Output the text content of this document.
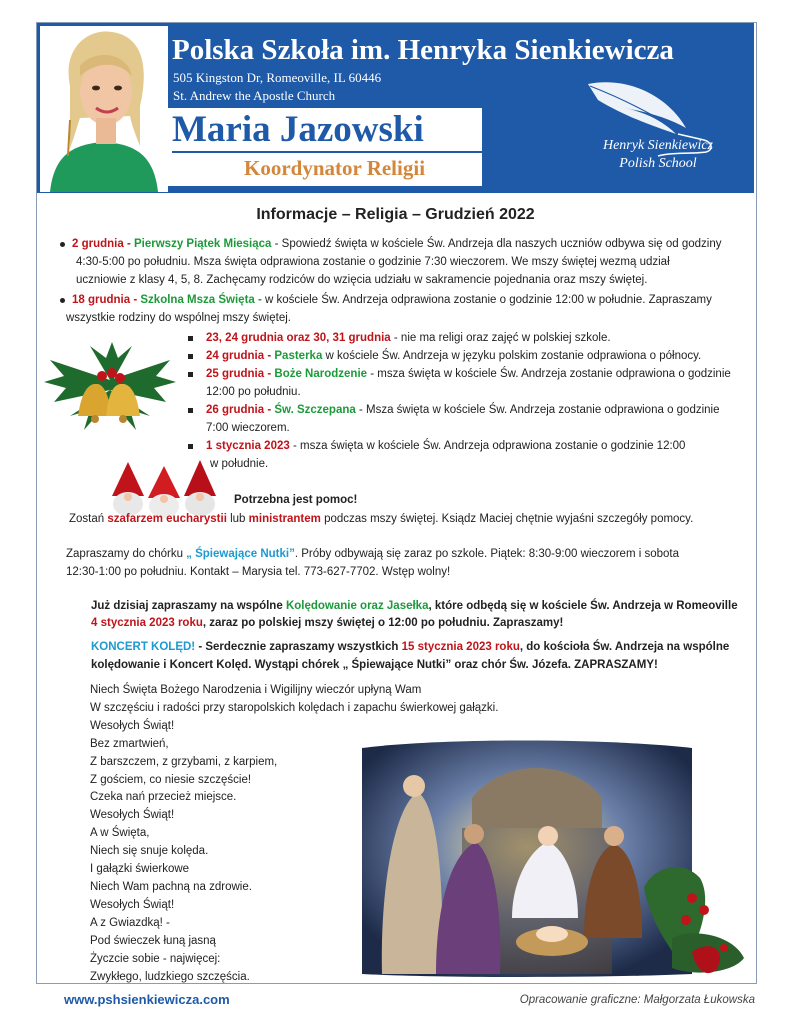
Polska Szkoła im. Henryka Sienkiewicza
505 Kingston Dr, Romeoville, IL 60446
St. Andrew the Apostle Church
Maria Jazowski
Koordynator Religii
Henryk Sienkiewicz
Polish School
Informacje – Religia – Grudzień 2022
2 grudnia - Pierwszy Piątek Miesiąca - Spowiedź święta w kościele Św. Andrzeja dla naszych uczniów odbywa się od godziny
4:30-5:00 po południu. Msza święta odprawiona zostanie o godzinie 7:30 wieczorem. We mszy świętej wezmą udział
uczniowie z klasy 4, 5, 8. Zachęcamy rodziców do wzięcia udziału w sakramencie pojednania oraz mszy świętej.
18 grudnia - Szkolna Msza Święta - w kościele Św. Andrzeja odprawiona zostanie o godzinie 12:00 w południe. Zapraszamy
wszystkie rodziny do wspólnej mszy świętej.
23, 24 grudnia oraz 30, 31 grudnia - nie ma religi oraz zajęć w polskiej szkole.
24 grudnia - Pasterka w kościele Św. Andrzeja w języku polskim zostanie odprawiona o północy.
25 grudnia - Boże Narodzenie - msza święta w kościele Św. Andrzeja zostanie odprawiona o godzinie
12:00 po południu.
26 grudnia - Św. Szczepana - Msza święta w kościele Św. Andrzeja zostanie odprawiona o godzinie
7:00 wieczorem.
1 stycznia 2023 - msza święta w kościele Św. Andrzeja odprawiona zostanie o godzinie 12:00
w południe.
Potrzebna jest pomoc!
Zostań szafarzem eucharystii lub ministrantem podczas mszy świętej. Ksiądz Maciej chętnie wyjaśni szczegóły pomocy.
Zapraszamy do chórku „ Śpiewające Nutki”. Próby odbywają się zaraz po szkole. Piątek: 8:30-9:00 wieczorem i sobota
12:30-1:00 po południu. Kontakt – Marysia tel. 773-627-7702. Wstęp wolny!
Już dzisiaj zapraszamy na wspólne Kolędowanie oraz Jasełka, które odbędą się w kościele Św. Andrzeja w Romeoville
4 stycznia 2023 roku, zaraz po polskiej mszy świętej o 12:00 po południu. Zapraszamy!
KONCERT KOLĘD! - Serdecznie zapraszamy wszystkich 15 stycznia 2023 roku, do kościoła Św. Andrzeja na wspólne
kolędowanie i Koncert Kolęd. Wystąpi chórek „ Śpiewające Nutki” oraz chór Św. Józefa. ZAPRASZAMY!
Niech Święta Bożego Narodzenia i Wigilijny wieczór upłyną Wam
W szczęściu i radości przy staropolskich kolędach i zapachu świerkowej gałązki.
Wesołych Świąt!
Bez zmartwień,
Z barszczem, z grzybami, z karpiem,
Z gościem, co niesie szczęście!
Czeka nań przecież miejsce.
Wesołych Świąt!
A w Święta,
Niech się snuje kolęda.
I gałązki świerkowe
Niech Wam pachną na zdrowie.
Wesołych Świąt!
A z Gwiazdką! -
Pod świeczek łuną jasną
Życzcie sobie - najwięcej:
Zwykłego, ludzkiego szczęścia.
www.pshsienkiewicza.com	Opracowanie graficzne: Małgorzata Łukowska
